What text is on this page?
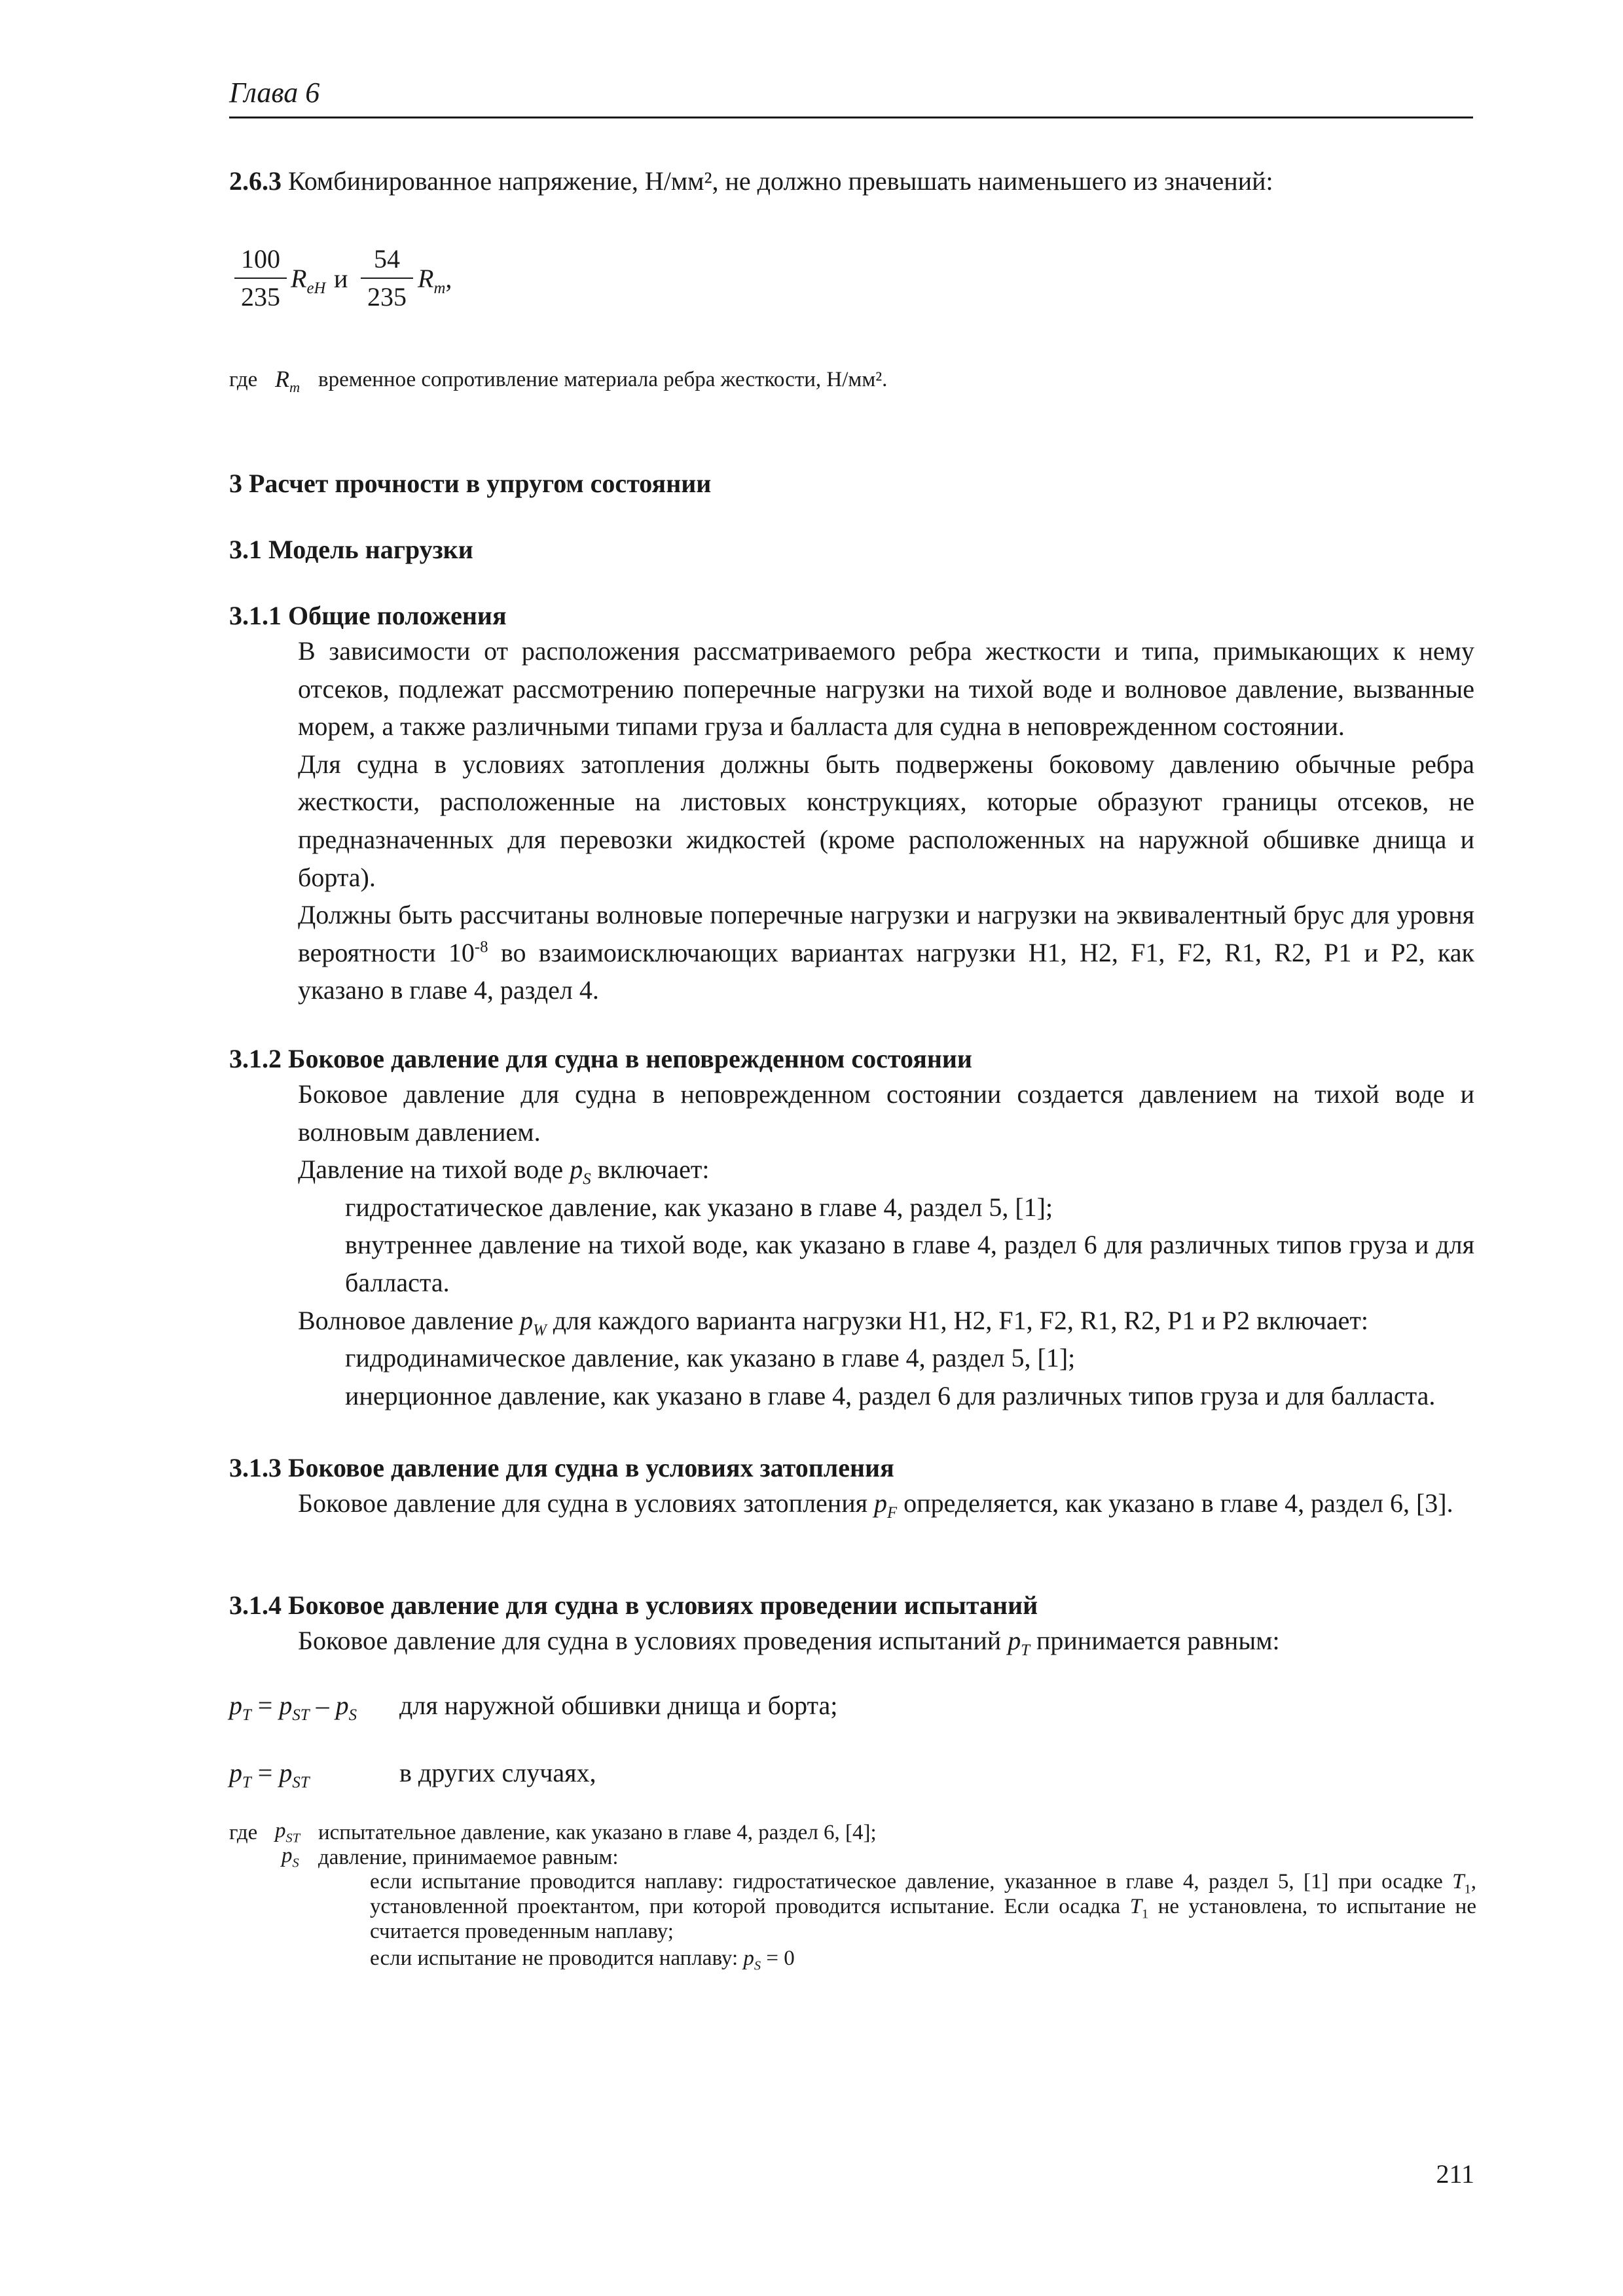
Глава 6
2.6.3 Комбинированное напряжение, Н/мм², не должно превышать наименьшего из значений:
100
235
$R_{eH}$ и
54
235
$R_m$,
где $R_m$ временное сопротивление материала ребра жесткости, Н/мм².
3 Расчет прочности в упругом состоянии
3.1 Модель нагрузки
3.1.1 Общие положения

В зависимости от расположения рассматриваемого ребра жесткости и типа, примыкающих к нему отсеков, подлежат рассмотрению поперечные нагрузки на тихой воде и волновое давление, вызванные морем, а также различными типами груза и балласта для судна в неповрежденном состоянии.

Для судна в условиях затопления должны быть подвержены боковому давлению обычные ребра жесткости, расположенные на листовых конструкциях, которые образуют границы отсеков, не предназначенных для перевозки жидкостей (кроме расположенных на наружной обшивке днища и борта).

Должны быть рассчитаны волновые поперечные нагрузки и нагрузки на эквивалентный брус для уровня вероятности $10^{-8}$ во взаимоисключающих вариантах нагрузки H1, H2, F1, F2, R1, R2, P1 и P2, как указано в главе 4, раздел 4.

3.1.2 Боковое давление для судна в неповрежденном состоянии

Боковое давление для судна в неповрежденном состоянии создается давлением на тихой воде и волновым давлением.

Давление на тихой воде $p_S$ включает:

гидростатическое давление, как указано в главе 4, раздел 5, [1];

внутреннее давление на тихой воде, как указано в главе 4, раздел 6 для различных типов груза и для балласта.

Волновое давление $p_W$ для каждого варианта нагрузки H1, H2, F1, F2, R1, R2, P1 и P2 включает:

гидродинамическое давление, как указано в главе 4, раздел 5, [1];

инерционное давление, как указано в главе 4, раздел 6 для различных типов груза и для балласта.

3.1.3 Боковое давление для судна в условиях затопления

Боковое давление для судна в условиях затопления $p_F$ определяется, как указано в главе 4, раздел 6, [3].

3.1.4 Боковое давление для судна в условиях проведении испытаний

Боковое давление для судна в условиях проведения испытаний $p_T$ принимается равным:

$p_T = p_{ST} - p_S$ для наружной обшивки днища и борта;
$p_T = p_{ST}$	в других случаях,
где $p_{ST}$ испытательное давление, как указано в главе 4, раздел 6, [4];
$p_S$ давление, принимаемое равным:
если испытание проводится наплаву: гидростатическое давление, указанное в главе 4, раздел 5, [1] при осадке $T_1$, установленной проектантом, при которой проводится испытание. Если осадка $T_1$ не установлена, то испытание не считается проведенным наплаву;
если испытание не проводится наплаву: $p_S = 0$
211
